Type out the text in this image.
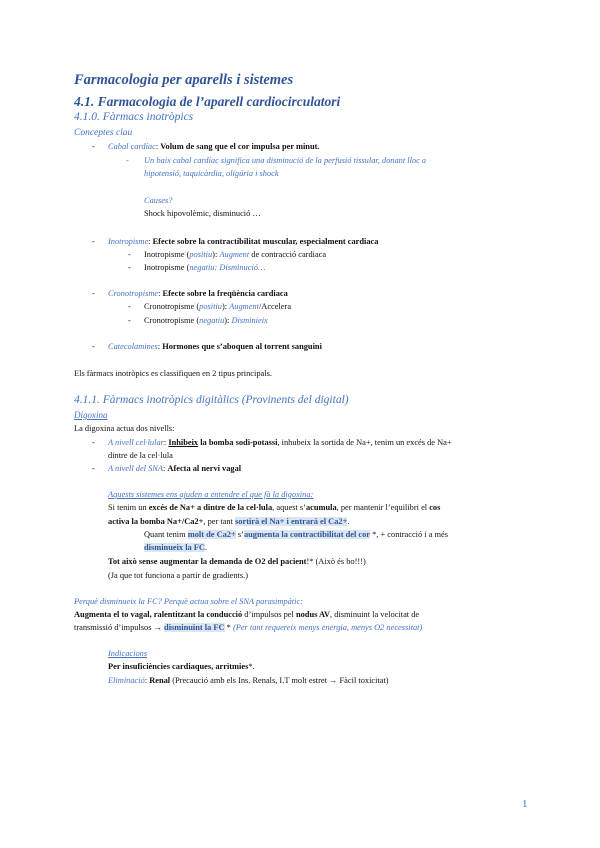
Farmacologia per aparells i sistemes
4.1. Farmacologia de l’aparell cardiocirculatori
4.1.0. Fàrmacs inotròpics
Conceptes clau
- Cabal cardíac: Volum de sang que el cor impulsa per minut.
- Un baix cabal cardíac significa una disminució de la perfusió tissular, donant lloc a
hipotensió, taquicàrdia, oligúria i shock
Causes?
Shock hipovolèmic, disminució …
- Inotropisme: Efecte sobre la contractibilitat muscular, especialment cardiaca
- Inotropisme (positiu): Augment de contracció cardiaca
- Inotropisme (negatiu: Disminució…
- Cronotropisme: Efecte sobre la freqüència cardiaca
- Cronotropisme (positiu): Augment/Accelera
- Cronotropisme (negatiu): Disminieix
- Catecolamines: Hormones que s’aboquen al torrent sanguini
Els fàrmacs inotròpics es classifiquen en 2 tipus principals.
4.1.1. Fàrmacs inotròpics digitàlics (Provinents del digital)
Digoxina
La digoxina actua dos nivells:
- A nivell cel·lular: Inhibeix la bomba sodi-potassi, inhubeix la sortida de Na+, tenim un excés de Na+
dintre de la cel·lula
- A nivell del SNA: Afecta al nervi vagal
Aquests sistemes ens ajuden a entendre el que fà la digoxina:
Si tenim un excés de Na+ a dintre de la cel·lula, aquest s’acumula, per mantenir l’equilibri el cos
activa la bomba Na+/Ca2+, per tant sortirà el Na+ i entrarà el Ca2+.
Quant tenim molt de Ca2+ s’augmenta la contractibilitat del cor *, + contracció i a més
disminueix la FC.
Tot això sense augmentar la demanda de O2 del pacient!* (Això és bo!!!)
(Ja que tot funciona a partir de gradients.)
Perquè disminueix la FC? Perquè actua sobre el SNA parasimpàtic:
Augmenta el to vagal, ralentitzant la conducció d’impulsos pel nodus AV, disminuint la velocitat de
transmissió d’impulsos → disminuint la FC * (Per tant requereix menys energia, menys O2 necessitat)
Indicacions
Per insuficiències cardiaques, arritmies*.
Eliminació: Renal (Precaució amb els Ins. Renals, I.T molt estret → Fàcil toxicitat)
1
